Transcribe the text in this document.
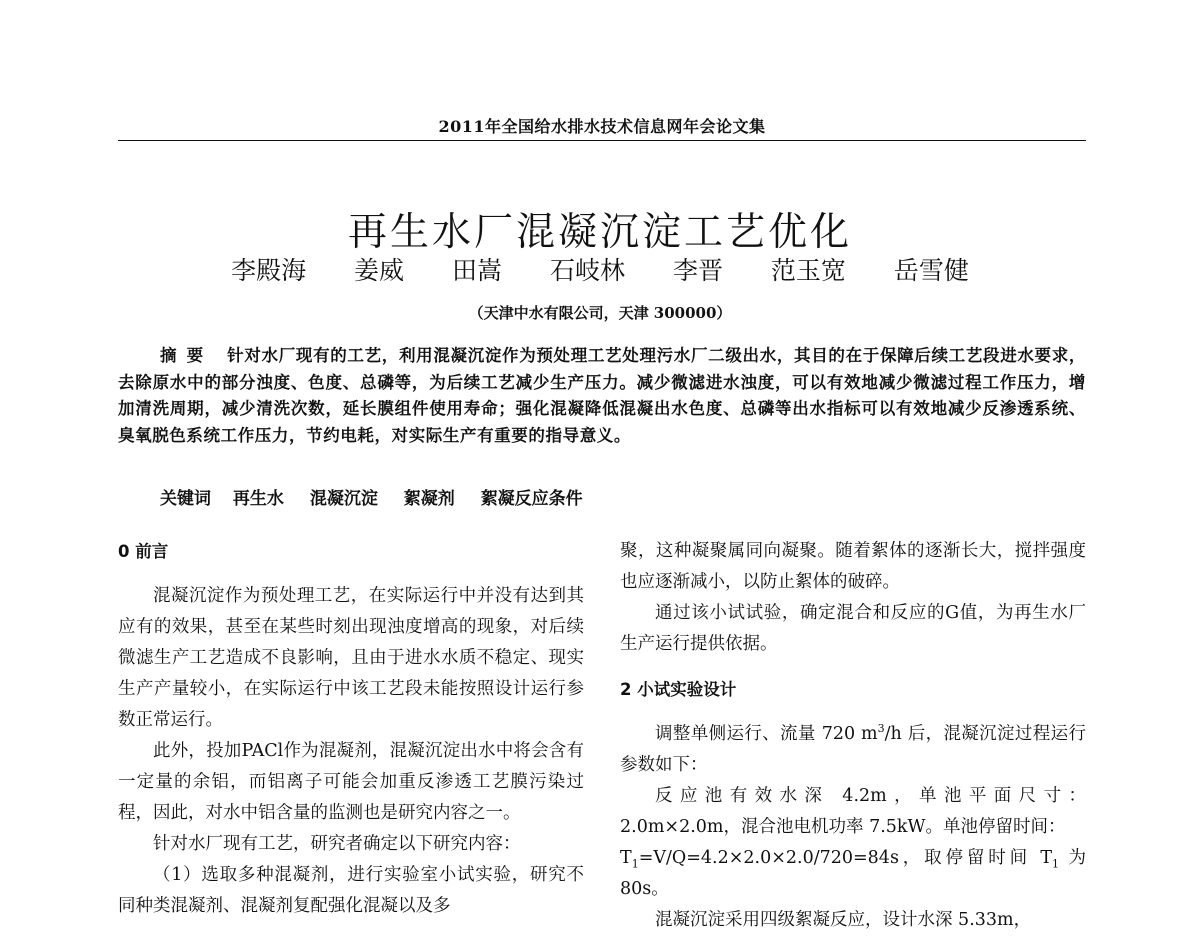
2011年全国给水排水技术信息网年会论文集
再生水厂混凝沉淀工艺优化
李殿海 姜威 田嵩 石岐林 李晋 范玉宽 岳雪健
（天津中水有限公司，天津 300000）
摘要 针对水厂现有的工艺，利用混凝沉淀作为预处理工艺处理污水厂二级出水，其目的在于保障后续工艺段进水要求，去除原水中的部分浊度、色度、总磷等，为后续工艺减少生产压力。减少微滤进水浊度，可以有效地减少微滤过程工作压力，增加清洗周期，减少清洗次数，延长膜组件使用寿命；强化混凝降低混凝出水色度、总磷等出水指标可以有效地减少反渗透系统、臭氧脱色系统工作压力，节约电耗，对实际生产有重要的指导意义。
关键词 再生水 混凝沉淀 絮凝剂 絮凝反应条件

0 前言

混凝沉淀作为预处理工艺，在实际运行中并没有达到其应有的效果，甚至在某些时刻出现浊度增高的现象，对后续微滤生产工艺造成不良影响，且由于进水水质不稳定、现实生产产量较小，在实际运行中该工艺段未能按照设计运行参数正常运行。

此外，投加PACl作为混凝剂，混凝沉淀出水中将会含有一定量的余铝，而铝离子可能会加重反渗透工艺膜污染过程，因此，对水中铝含量的监测也是研究内容之一。

针对水厂现有工艺，研究者确定以下研究内容：

（1）选取多种混凝剂，进行实验室小试实验，研究不同种类混凝剂、混凝剂复配强化混凝以及多

聚，这种凝聚属同向凝聚。随着絮体的逐渐长大，搅拌强度也应逐渐减小，以防止絮体的破碎。

通过该小试试验，确定混合和反应的G值，为再生水厂生产运行提供依据。

2 小试实验设计

调整单侧运行、流量 720 $m^3/h$ 后，混凝沉淀过程运行参数如下：

反应池有效水深 4.2m，单池平面尺寸：2.0m×2.0m，混合池电机功率 7.5kW。单池停留时间：

$T_1=V/Q=4.2\times 2.0\times 2.0/720=84s$，取停留时间 $T_1$ 为 80s。

混凝沉淀采用四级絮凝反应，设计水深 5.33m，
